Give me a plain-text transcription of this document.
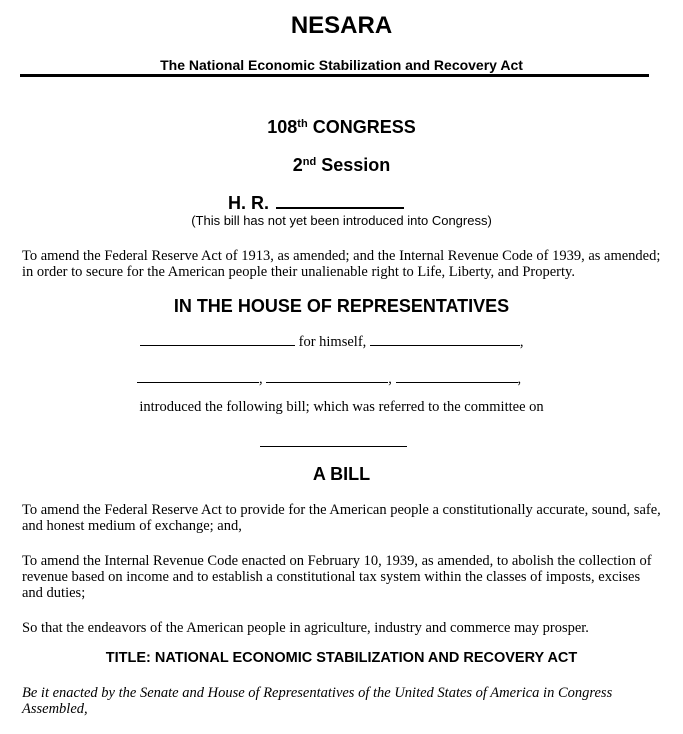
NESARA
The National Economic Stabilization and Recovery Act
108th CONGRESS
2nd Session
H. R.
(This bill has not yet been introduced into Congress)
To amend the Federal Reserve Act of 1913, as amended; and the Internal Revenue Code of 1939, as amended; in order to secure for the American people their unalienable right to Life, Liberty, and Property.
IN THE HOUSE OF REPRESENTATIVES
for himself,	,
,	,	,
introduced the following bill; which was referred to the committee on
A BILL
To amend the Federal Reserve Act to provide for the American people a constitutionally accurate, sound, safe, and honest medium of exchange; and,
To amend the Internal Revenue Code enacted on February 10, 1939, as amended, to abolish the collection of revenue based on income and to establish a constitutional tax system within the classes of imposts, excises and duties;
So that the endeavors of the American people in agriculture, industry and commerce may prosper.
TITLE: NATIONAL ECONOMIC STABILIZATION AND RECOVERY ACT
Be it enacted by the Senate and House of Representatives of the United States of America in Congress Assembled,
